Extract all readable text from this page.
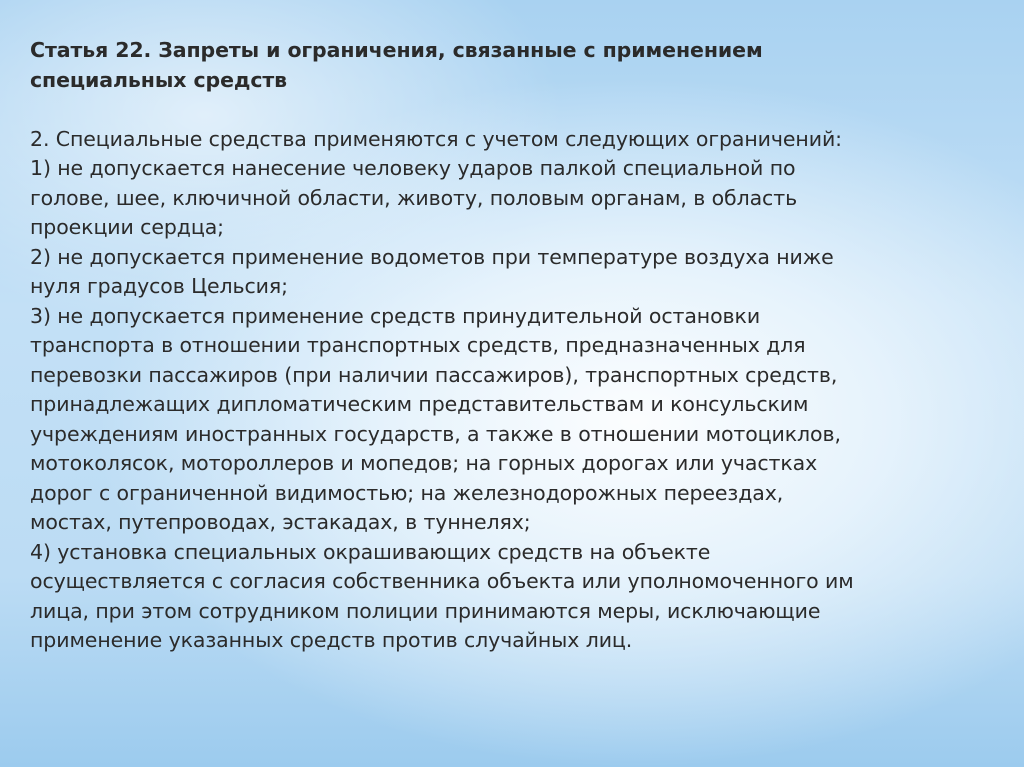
Статья 22. Запреты и ограничения, связанные с применением
специальных средств
2. Специальные средства применяются с учетом следующих ограничений:
1) не допускается нанесение человеку ударов палкой специальной по
голове, шее, ключичной области, животу, половым органам, в область
проекции сердца;
2) не допускается применение водометов при температуре воздуха ниже
нуля градусов Цельсия;
3) не допускается применение средств принудительной остановки
транспорта в отношении транспортных средств, предназначенных для
перевозки пассажиров (при наличии пассажиров), транспортных средств,
принадлежащих дипломатическим представительствам и консульским
учреждениям иностранных государств, а также в отношении мотоциклов,
мотоколясок, мотороллеров и мопедов; на горных дорогах или участках
дорог с ограниченной видимостью; на железнодорожных переездах,
мостах, путепроводах, эстакадах, в туннелях;
4) установка специальных окрашивающих средств на объекте
осуществляется с согласия собственника объекта или уполномоченного им
лица, при этом сотрудником полиции принимаются меры, исключающие
применение указанных средств против случайных лиц.
